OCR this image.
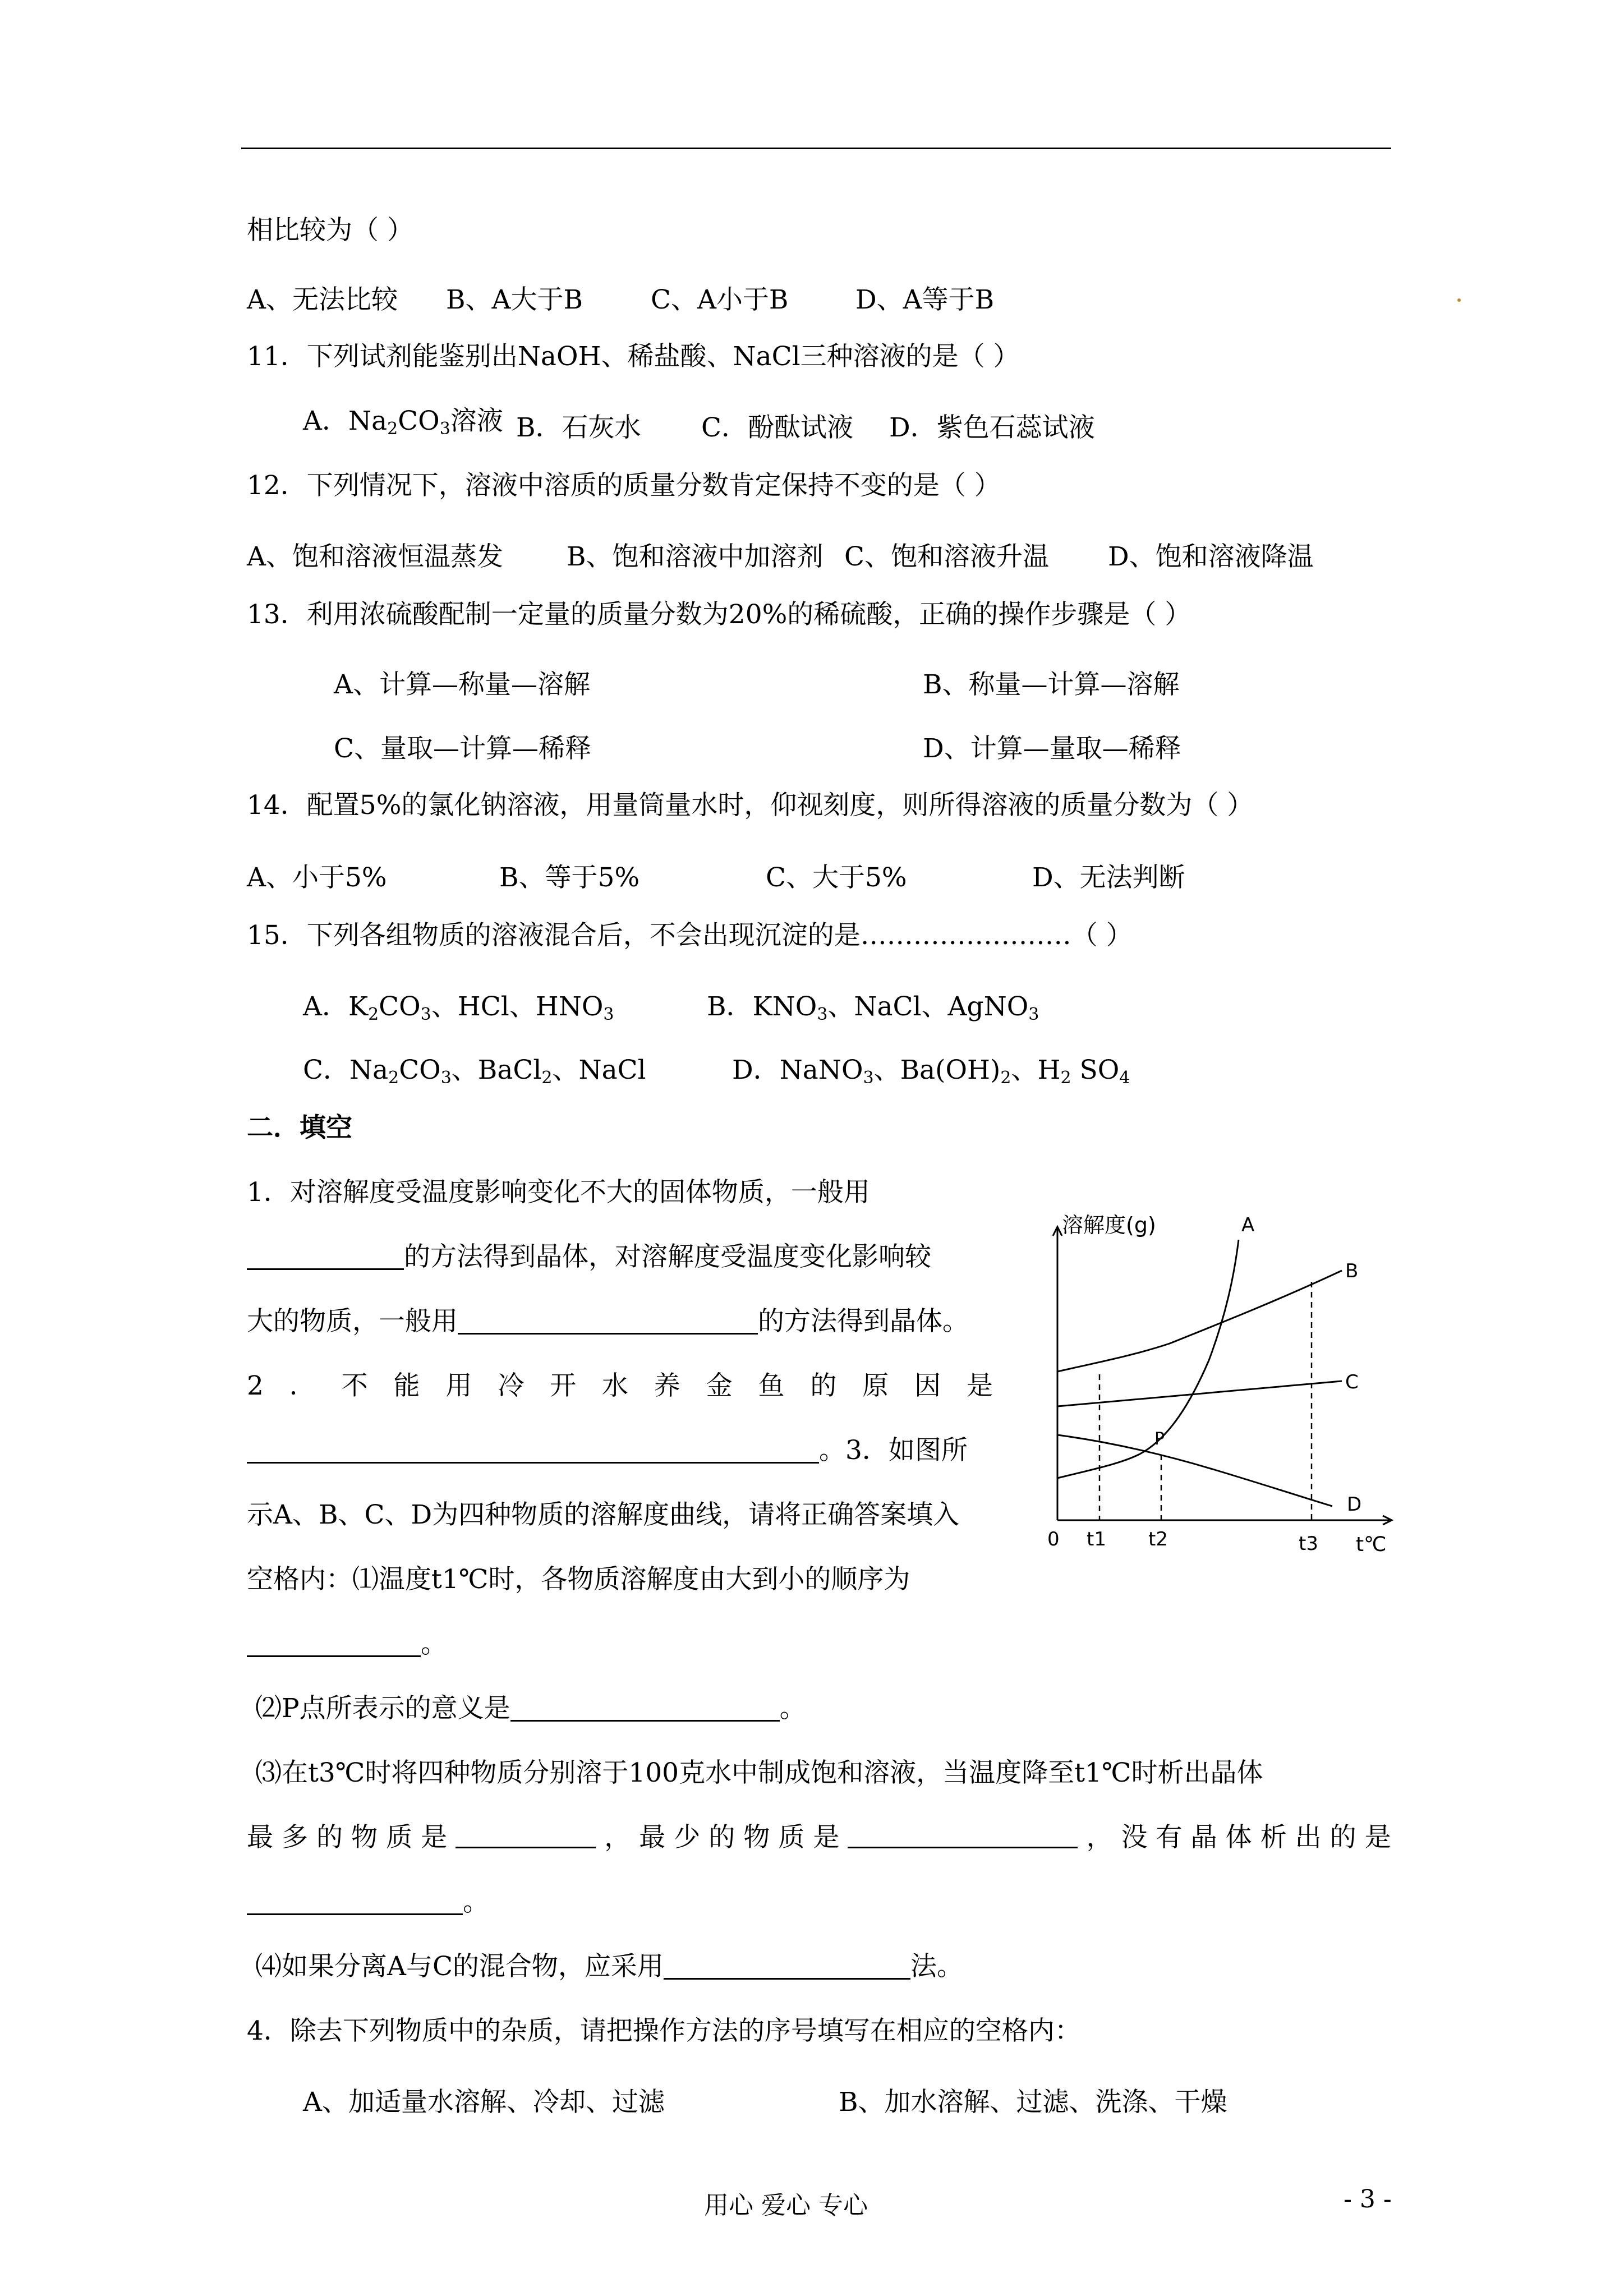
相比较为（ ）
A、无法比较 B、A大于B	C、A小于B	D、A等于B
11．下列试剂能鉴别出NaOH、稀盐酸、NaCl三种溶液的是（ ）
A．$Na_2CO_3$溶液 B．石灰水 C．酚酞试液 D．紫色石蕊试液
12．下列情况下，溶液中溶质的质量分数肯定保持不变的是（ ）
A、饱和溶液恒温蒸发 B、饱和溶液中加溶剂 C、饱和溶液升温 D、饱和溶液降温
13．利用浓硫酸配制一定量的质量分数为20%的稀硫酸，正确的操作步骤是（ ）
A、计算—称量—溶解	B、称量—计算—溶解
C、量取—计算—稀释	D、计算—量取—稀释
14．配置5%的氯化钠溶液，用量筒量水时，仰视刻度，则所得溶液的质量分数为（ ）
A、小于5%	B、等于5%	C、大于5%	D、无法判断
15．下列各组物质的溶液混合后，不会出现沉淀的是……………………（ ）
A．$K_2CO_3$、HCl、$HNO_3$	B．$KNO_3$、NaCl、AgNO$_3$
C．$Na_2CO_3$、BaCl$_2$、NaCl	D．NaNO$_3$、$Ba(OH)_2$、$H_2$ $SO_4$
二．填空
1．对溶解度受温度影响变化不大的固体物质，一般用
的方法得到晶体，对溶解度受温度变化影响较
大的物质，一般用	的方法得到晶体。
2 ． 不 能 用 冷 开 水 养 金 鱼 的 原 因 是
。3．如图所
示A、B、C、D为四种物质的溶解度曲线，请将正确答案填入
空格内：⑴温度t1℃时，各物质溶解度由大到小的顺序为
。
⑵P点所表示的意义是	。
⑶在t3℃时将四种物质分别溶于100克水中制成饱和溶液，当温度降至t1℃时析出晶体
最 多 的 物 质 是	， 最 少 的 物 质 是	， 没 有 晶 体 析 出 的 是
。
⑷如果分离A与C的混合物，应采用	法。
4．除去下列物质中的杂质，请把操作方法的序号填写在相应的空格内：
A、加适量水溶解、冷却、过滤	B、加水溶解、过滤、洗涤、干燥
溶解度(g)	A
B
C
D
P
0 t1 t2	t3 t℃
用心 爱心 专心	- 3 -
